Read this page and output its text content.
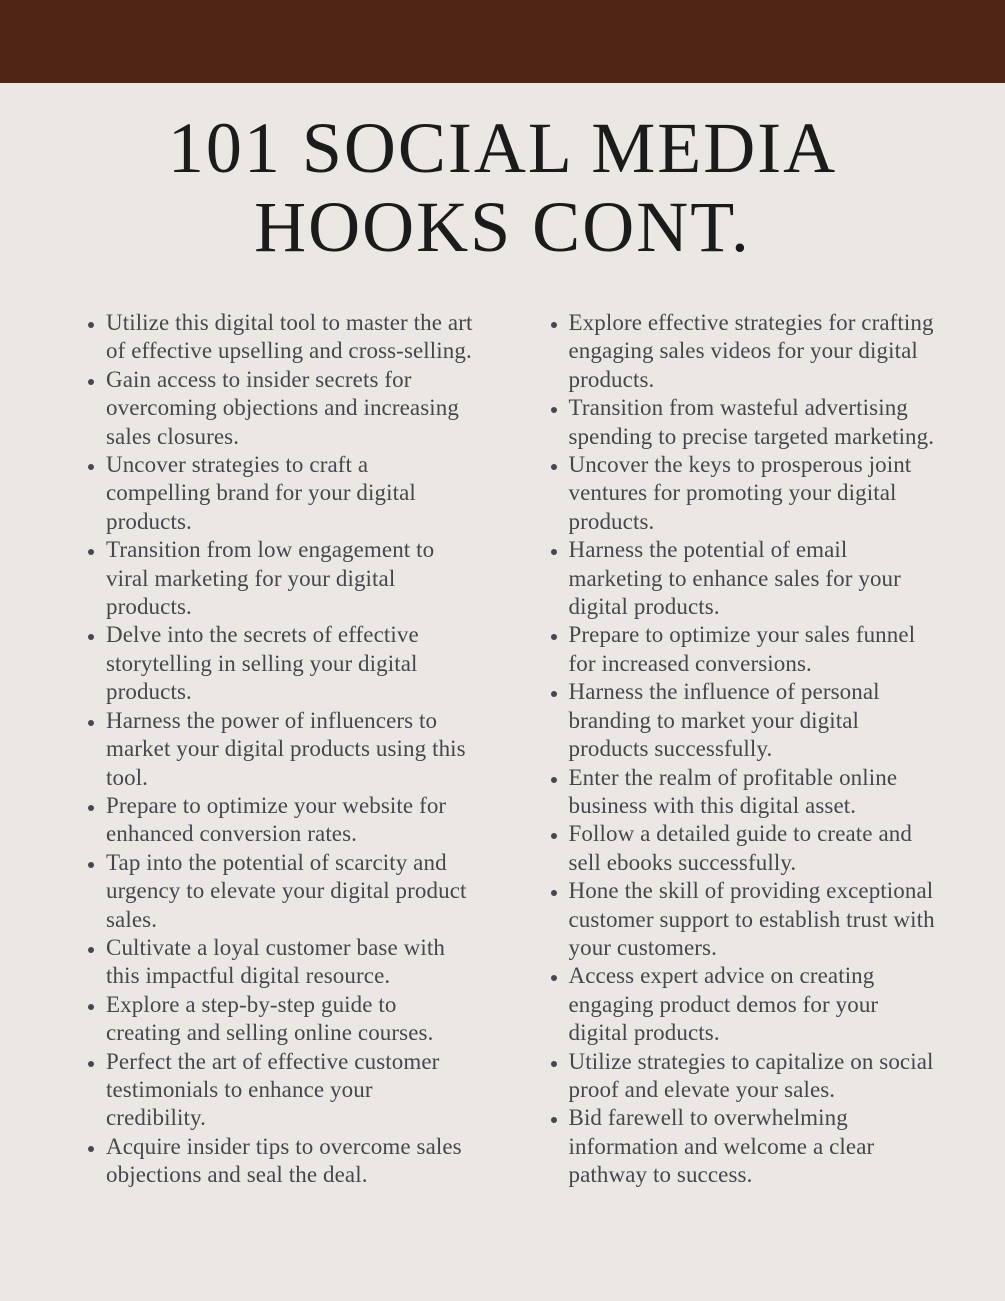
101 SOCIAL MEDIA
HOOKS CONT.
• Utilize this digital tool to master the art of effective upselling and cross-selling.
• Gain access to insider secrets for overcoming objections and increasing sales closures.
• Uncover strategies to craft a compelling brand for your digital products.
• Transition from low engagement to viral marketing for your digital products.
• Delve into the secrets of effective storytelling in selling your digital products.
• Harness the power of influencers to market your digital products using this tool.
• Prepare to optimize your website for enhanced conversion rates.
• Tap into the potential of scarcity and urgency to elevate your digital product sales.
• Cultivate a loyal customer base with this impactful digital resource.
• Explore a step-by-step guide to creating and selling online courses.
• Perfect the art of effective customer testimonials to enhance your credibility.
• Acquire insider tips to overcome sales objections and seal the deal.
• Explore effective strategies for crafting engaging sales videos for your digital products.
• Transition from wasteful advertising spending to precise targeted marketing.
• Uncover the keys to prosperous joint ventures for promoting your digital products.
• Harness the potential of email marketing to enhance sales for your digital products.
• Prepare to optimize your sales funnel for increased conversions.
• Harness the influence of personal branding to market your digital products successfully.
• Enter the realm of profitable online business with this digital asset.
• Follow a detailed guide to create and sell ebooks successfully.
• Hone the skill of providing exceptional customer support to establish trust with your customers.
• Access expert advice on creating engaging product demos for your digital products.
• Utilize strategies to capitalize on social proof and elevate your sales.
• Bid farewell to overwhelming information and welcome a clear pathway to success.
